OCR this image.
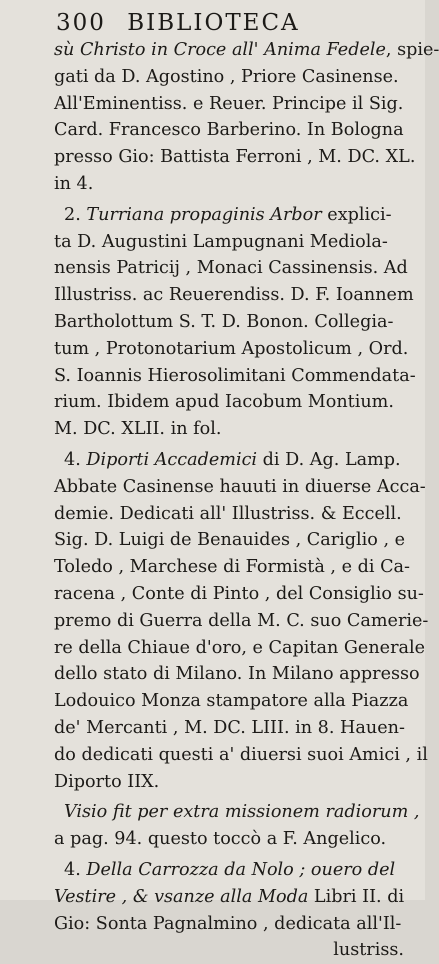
300 BIBLIOTECA
sù Christo in Croce all' Anima Fedele, spie-
gati da D. Agostino , Priore Casinense.
All'Eminentiss. e Reuer. Principe il Sig.
Card. Francesco Barberino. In Bologna
presso Gio: Battista Ferroni , M. DC. XL.
in 4.
2. Turriana propaginis Arbor explici-
ta D. Augustini Lampugnani Mediola-
nensis Patricij , Monaci Cassinensis. Ad
Illustriss. ac Reuerendiss. D. F. Ioannem
Bartholottum S. T. D. Bonon. Collegia-
tum , Protonotarium Apostolicum , Ord.
S. Ioannis Hierosolimitani Commendata-
rium. Ibidem apud Iacobum Montium.
M. DC. XLII. in fol.
4. Diporti Accademici di D. Ag. Lamp.
Abbate Casinense hauuti in diuerse Acca-
demie. Dedicati all' Illustriss. & Eccell.
Sig. D. Luigi de Benauides , Cariglio , e
Toledo , Marchese di Formistà , e di Ca-
racena , Conte di Pinto , del Consiglio su-
premo di Guerra della M. C. suo Camerie-
re della Chiaue d'oro, e Capitan Generale
dello stato di Milano. In Milano appresso
Lodouico Monza stampatore alla Piazza
de' Mercanti , M. DC. LIII. in 8. Hauen-
do dedicati questi a' diuersi suoi Amici , il
Diporto IIX.
Visio fit per extra missionem radiorum ,
a pag. 94. questo toccò a F. Angelico.
4. Della Carrozza da Nolo ; ouero del
Vestire , & vsanze alla Moda Libri II. di
Gio: Sonta Pagnalmino , dedicata all'Il-
lustriss.
